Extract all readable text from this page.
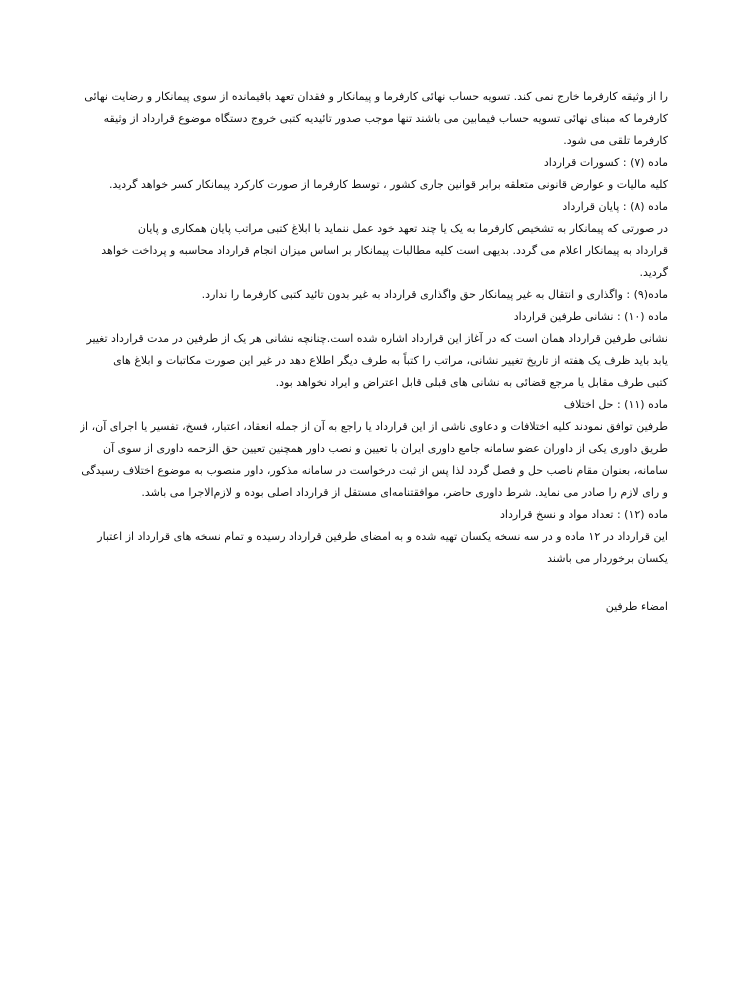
را از وثیقه کارفرما خارج نمی کند. تسویه حساب نهائی کارفرما و پیمانکار و فقدان تعهد باقیمانده از سوی پیمانکار و رضایت نهائی
کارفرما که مبنای نهائی تسویه حساب فیمابین می باشند تنها موجب صدور تائیدیه کتبی خروج دستگاه موضوع قرارداد از وثیقه
کارفرما تلقی می شود.
ماده (۷) : کسورات قرارداد
کلیه مالیات و عوارض قانونی متعلقه برابر قوانین جاری کشور ، توسط کارفرما از صورت کارکرد پیمانکار کسر خواهد گردید.
ماده (۸) : پایان قرارداد
در صورتی که پیمانکار به تشخیص کارفرما به یک یا چند تعهد خود عمل ننماید با ابلاغ کتبی مراتب پایان همکاری و پایان
قرارداد به پیمانکار اعلام می گردد. بدیهی است کلیه مطالبات پیمانکار بر اساس میزان انجام قرارداد محاسبه و پرداخت خواهد
گردید.
ماده(۹) : واگذاری و انتقال به غیر پیمانکار حق واگذاری قرارداد به غیر بدون تائید کتبی کارفرما را ندارد.
ماده (۱۰) : نشانی طرفین قرارداد
نشانی طرفین قرارداد همان است که در آغاز این قرارداد اشاره شده است.چنانچه نشانی هر یک از طرفین در مدت قرارداد تغییر
یابد باید ظرف یک هفته از تاریخ تغییر نشانی، مراتب را کتباً به طرف دیگر اطلاع دهد در غیر این صورت مکاتبات و ابلاغ های
کتبی طرف مقابل یا مرجع قضائی به نشانی های قبلی قابل اعتراض و ایراد نخواهد بود.
ماده (۱۱) : حل اختلاف
طرفین توافق نمودند کلیه اختلافات و دعاوی ناشی از این قرارداد یا راجع به آن از جمله انعقاد، اعتبار، فسخ، تفسیر یا اجرای آن، از
طریق داوری یکی از داوران عضو سامانه جامع داوری ایران با تعیین و نصب داور همچنین تعیین حق الزحمه داوری از سوی آن
سامانه، بعنوان مقام ناصب حل و فصل گردد لذا پس از ثبت درخواست در سامانه مذکور، داور منصوب به موضوع اختلاف رسیدگی
و رای لازم را صادر می نماید. شرط داوری حاضر، موافقتنامه‌ای مستقل از قرارداد اصلی بوده و لازم‌الاجرا می باشد.
ماده (۱۲) : تعداد مواد و نسخ قرارداد
این قرارداد در ۱۲ ماده و در سه نسخه یکسان تهیه شده و به امضای طرفین قرارداد رسیده و تمام نسخه های قرارداد از اعتبار
یکسان برخوردار می باشند
امضاء طرفین
